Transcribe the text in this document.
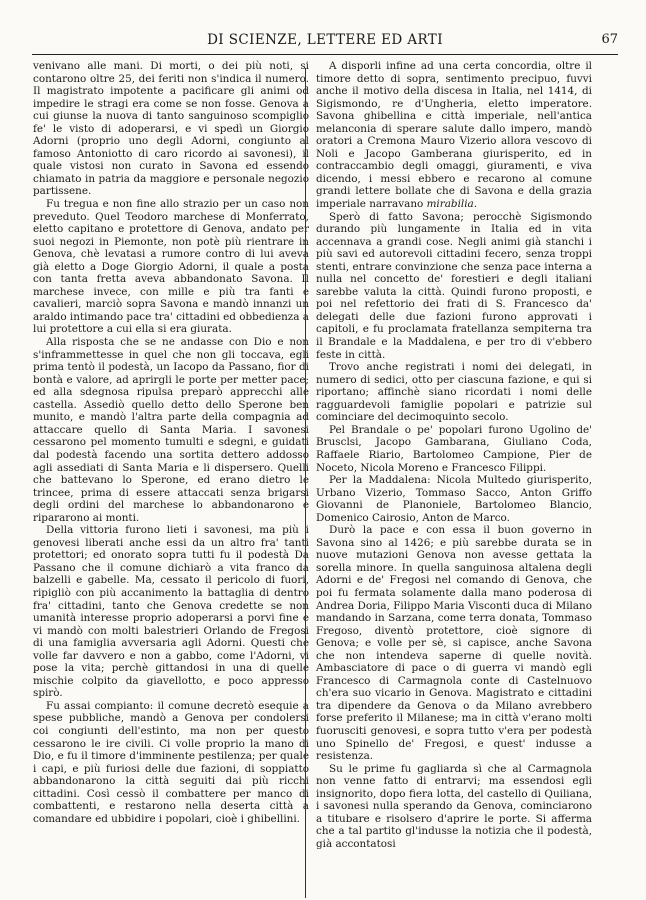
DI SCIENZE, LETTERE ED ARTI	67

venivano alle mani. Di morti, o dei più noti, si contarono oltre 25, dei feriti non s'indica il numero. Il magistrato impotente a pacificare gli animi od impedire le stragi era come se non fosse. Genova a cui giunse la nuova di tanto sanguinoso scompiglio fe' le visto di adoperarsi, e vi spedì un Giorgio Adorni (proprio uno degli Adorni, congiunto al famoso Antoniotto di caro ricordo ai savonesi), il quale vistosi non curato in Savona ed essendo chiamato in patria da maggiore e personale negozio partissene.

Fu tregua e non fine allo strazio per un caso non preveduto. Quel Teodoro marchese di Monferrato, eletto capitano e protettore di Genova, andato per suoi negozi in Piemonte, non potè più rientrare in Genova, chè levatasi a rumore contro di lui aveva già eletto a Doge Giorgio Adorni, il quale a posta con tanta fretta aveva abbandonato Savona. Il marchese invece, con mille e più tra fanti e cavalieri, marciò sopra Savona e mandò innanzi un araldo intimando pace tra' cittadini ed obbedienza a lui protettore a cui ella si era giurata.

Alla risposta che se ne andasse con Dio e non s'inframmettesse in quel che non gli toccava, egli prima tentò il podestà, un Iacopo da Passano, fior di bontà e valore, ad aprirgli le porte per metter pace; ed alla sdegnosa ripulsa preparò apprecchi alle castella. Assediò quello detto dello Sperone ben munito, e mandò l'altra parte della compagnia ad attaccare quello di Santa Maria. I savonesi cessarono pel momento tumulti e sdegni, e guidati dal podestà facendo una sortita dettero addosso agli assediati di Santa Maria e li dispersero. Quelli che battevano lo Sperone, ed erano dietro le trincee, prima di essere attaccati senza brigarsi degli ordini del marchese lo abbandonarono e ripararono ai monti.

Della vittoria furono lieti i savonesi, ma più i genovesi liberati anche essi da un altro fra' tanti protettori; ed onorato sopra tutti fu il podestà Da Passano che il comune dichiarò a vita franco da balzelli e gabelle. Ma, cessato il pericolo di fuori, ripigliò con più accanimento la battaglia di dentro fra' cittadini, tanto che Genova credette se non umanità interesse proprio adoperarsi a porvi fine e vi mandò con molti balestrieri Orlando de Fregosi di una famiglia avversaria agli Adorni. Questi che volle far davvero e non a gabbo, come l'Adorni, vi pose la vita; perchè gittandosi in una di quelle mischie colpito da giavellotto, e poco appresso spirò.

Fu assai compianto: il comune decretò esequie a spese pubbliche, mandò a Genova per condolersi coi congiunti dell'estinto, ma non per questo cessarono le ire civili. Ci volle proprio la mano di Dio, e fu il timore d'imminente pestilenza; per quale i capi, e più furiosi delle due fazioni, di soppiatto abbandonarono la città seguiti dai più ricchi cittadini. Così cessò il combattere per manco di combattenti, e restarono nella deserta città a comandare ed ubbidire i popolari, cioè i ghibellini.

A disporli infine ad una certa concordia, oltre il timore detto di sopra, sentimento precipuo, fuvvi anche il motivo della discesa in Italia, nel 1414, di Sigismondo, re d'Ungheria, eletto imperatore. Savona ghibellina e città imperiale, nell'antica melanconia di sperare salute dallo impero, mandò oratori a Cremona Mauro Vizerio allora vescovo di Noli e Jacopo Gamberana giurisperito, ed in contraccambio degli omaggi, giuramenti, e viva dicendo, i messi ebbero e recarono al comune grandi lettere bollate che di Savona e della grazia imperiale narravano mirabilia.

Sperò di fatto Savona; perocchè Sigismondo durando più lungamente in Italia ed in vita accennava a grandi cose. Negli animi già stanchi i più savi ed autorevoli cittadini fecero, senza troppi stenti, entrare convinzione che senza pace interna a nulla nel concetto de' forestieri e degli italiani sarebbe valuta la città. Quindi furono proposti, e poi nel refettorio dei frati di S. Francesco da' delegati delle due fazioni furono approvati i capitoli, e fu proclamata fratellanza sempiterna tra il Brandale e la Maddalena, e per tro di v'ebbero feste in città.

Trovo anche registrati i nomi dei delegati, in numero di sedici, otto per ciascuna fazione, e qui si riportano; affinchè siano ricordati i nomi delle ragguardevoli famiglie popolari e patrizie sul cominciare del decimoquinto secolo.

Pel Brandale o pe' popolari furono Ugolino de' Brusclsi, Jacopo Gambarana, Giuliano Coda, Raffaele Riario, Bartolomeo Campione, Pier de Noceto, Nicola Moreno e Francesco Filippi.

Per la Maddalena: Nicola Multedo giurisperito, Urbano Vizerio, Tommaso Sacco, Anton Griffo Giovanni de Planoniele, Bartolomeo Blancio, Domenico Cairosio, Anton de Marco.

Durò la pace e con essa il buon governo in Savona sino al 1426; e più sarebbe durata se in nuove mutazioni Genova non avesse gettata la sorella minore. In quella sanguinosa altalena degli Adorni e de' Fregosi nel comando di Genova, che poi fu fermata solamente dalla mano poderosa di Andrea Doria, Filippo Maria Visconti duca di Milano mandando in Sarzana, come terra donata, Tommaso Fregoso, diventò protettore, cioè signore di Genova; e volle per sè, si capisce, anche Savona che non intendeva saperne di quelle novità. Ambasciatore di pace o di guerra vi mandò egli Francesco di Carmagnola conte di Castelnuovo ch'era suo vicario in Genova. Magistrato e cittadini tra dipendere da Genova o da Milano avrebbero forse preferito il Milanese; ma in città v'erano molti fuorusciti genovesi, e sopra tutto v'era per podestà uno Spinello de' Fregosi, e quest' indusse a resistenza.

Su le prime fu gagliarda sì che al Carmagnola non venne fatto di entrarvi; ma essendosi egli insignorito, dopo fiera lotta, del castello di Quiliana, i savonesi nulla sperando da Genova, cominciarono a titubare e risolsero d'aprire le porte. Si afferma che a tal partito gl'indusse la notizia che il podestà, già accontatosi
